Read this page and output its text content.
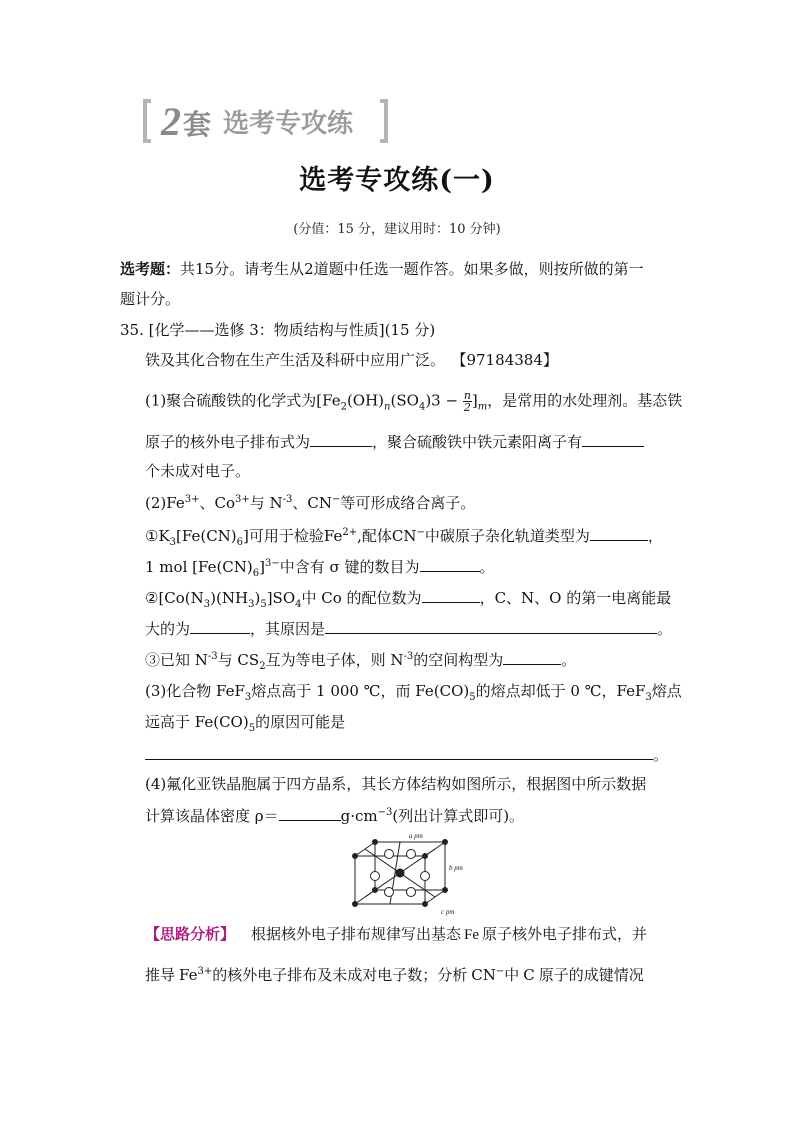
2 套 选考专攻练
选考专攻练(一)
(分值：15 分，建议用时：10 分钟)
选考题：共15分。请考生从2道题中任选一题作答。如果多做，则按所做的第一
题计分。
35. [化学——选修 3：物质结构与性质](15 分)
铁及其化合物在生产生活及科研中应用广泛。 【97184384】
(1)聚合硫酸铁的化学式为$[Fe_2(OH)_n(SO_4)3 - \frac{n}{2} ]_m$，是常用的水处理剂。基态铁
原子的核外电子排布式为	，聚合硫酸铁中铁元素阳离子有
个未成对电子。
$(2)Fe^{3+}$、$Co^{3+}$与 $N^{-3}$、CN−等可形成络合离子。
$①K_3[Fe(CN)_6]$可用于检验$Fe^{2+}$,配体CN−中碳原子杂化轨道类型为	，
1 mol $[Fe(CN)_6]^{3-}$中含有 σ 键的数目为	。
$②[Co(N_3)(NH_3)_5]SO_4$中 Co 的配位数为	，C、N、O 的第一电离能最
大的为	，其原因是	。
③已知 $N^{-3}$与 $CS_2$互为等电子体，则 $N^{-3}$的空间构型为	。
(3)化合物 FeF$_3$熔点高于 1 000 ℃，而 $Fe(CO)_5$的熔点却低于 0 ℃，FeF$_3$熔点
远高于 $Fe(CO)_5$的原因可能是
。
(4)氟化亚铁晶胞属于四方晶系，其长方体结构如图所示，根据图中所示数据
计算该晶体密度 ρ＝	$g\cdot cm^{-3}$(列出计算式即可)。
a pm
b pm
c pm
【思路分析】 根据核外电子排布规律写出基态 Fe 原子核外电子排布式，并
推导 $Fe^{3+}$的核外电子排布及未成对电子数；分析 CN−中 C 原子的成键情况
